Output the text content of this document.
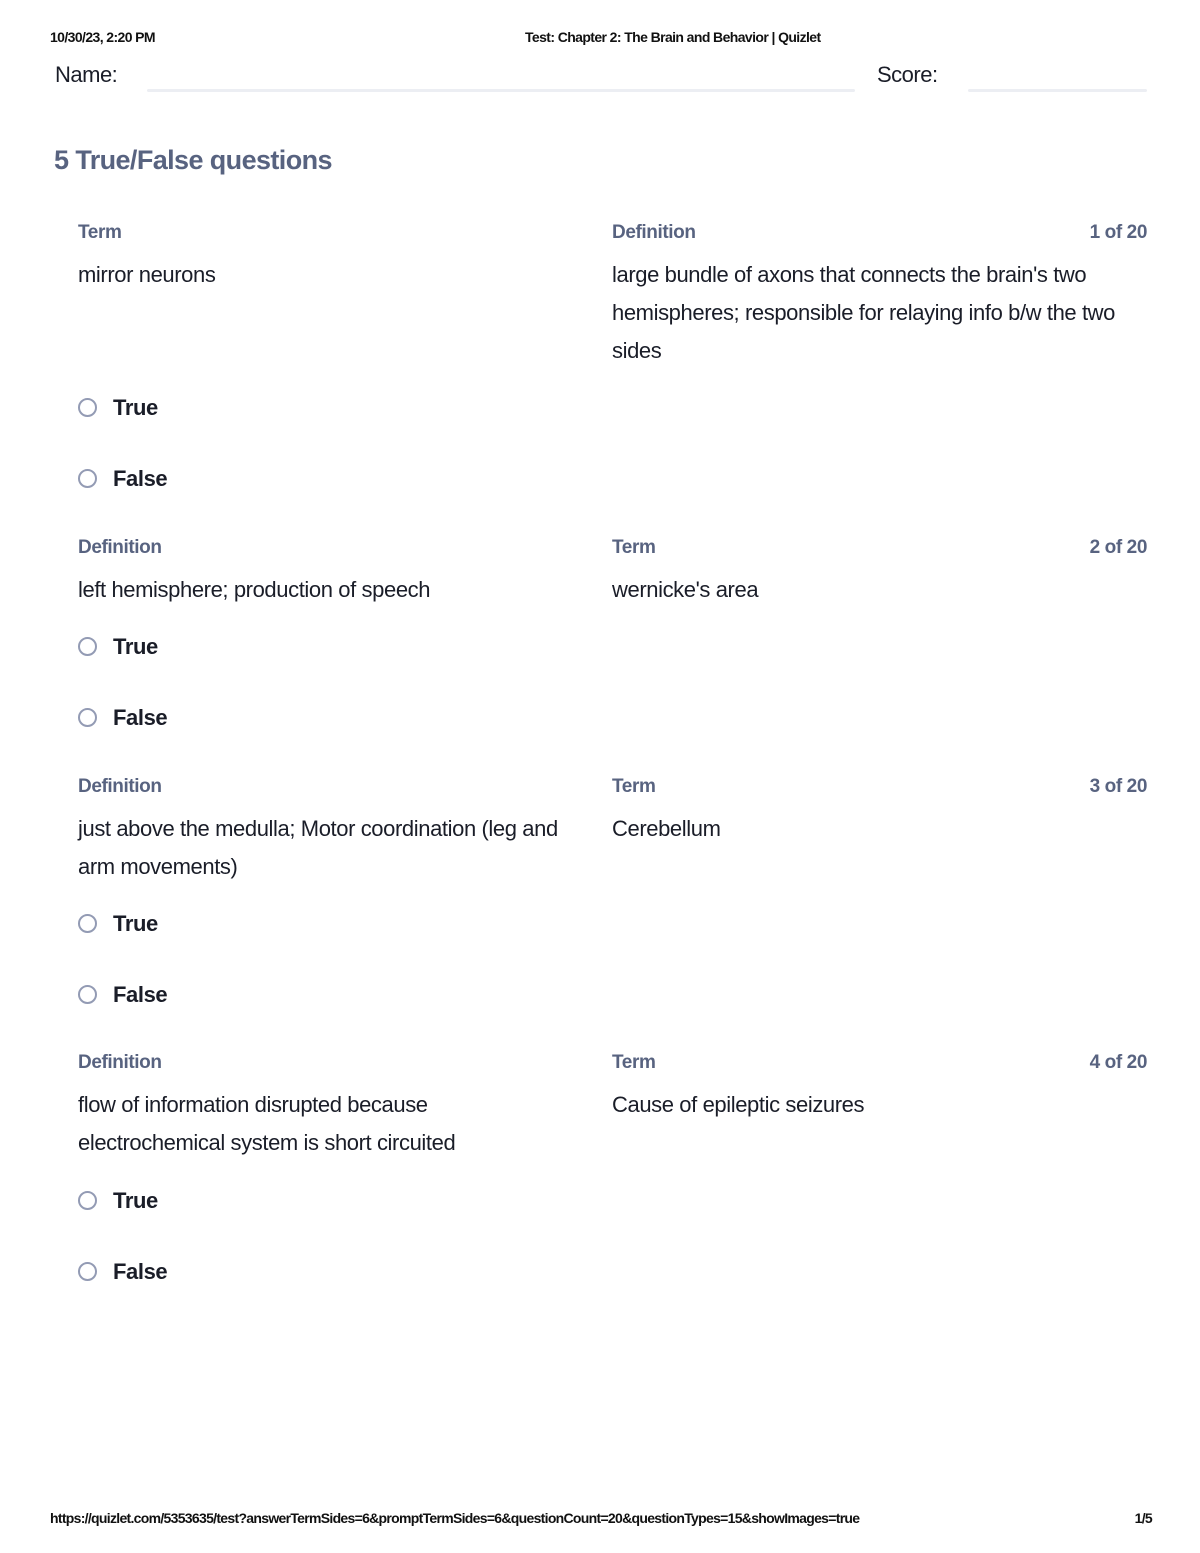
10/30/23, 2:20 PM	Test: Chapter 2: The Brain and Behavior | Quizlet
Name:	Score:
5 True/False questions
Term
mirror neurons
Definition
large bundle of axons that connects the brain's two hemispheres; responsible for relaying info b/w the two sides
1 of 20
True
False
Definition
left hemisphere; production of speech
Term
wernicke's area
2 of 20
True
False
Definition
just above the medulla; Motor coordination (leg and arm movements)
Term
Cerebellum
3 of 20
True
False
Definition
flow of information disrupted because electrochemical system is short circuited
Term
Cause of epileptic seizures
4 of 20
True
False
https://quizlet.com/5353635/test?answerTermSides=6&promptTermSides=6&questionCount=20&questionTypes=15&showImages=true	1/5
